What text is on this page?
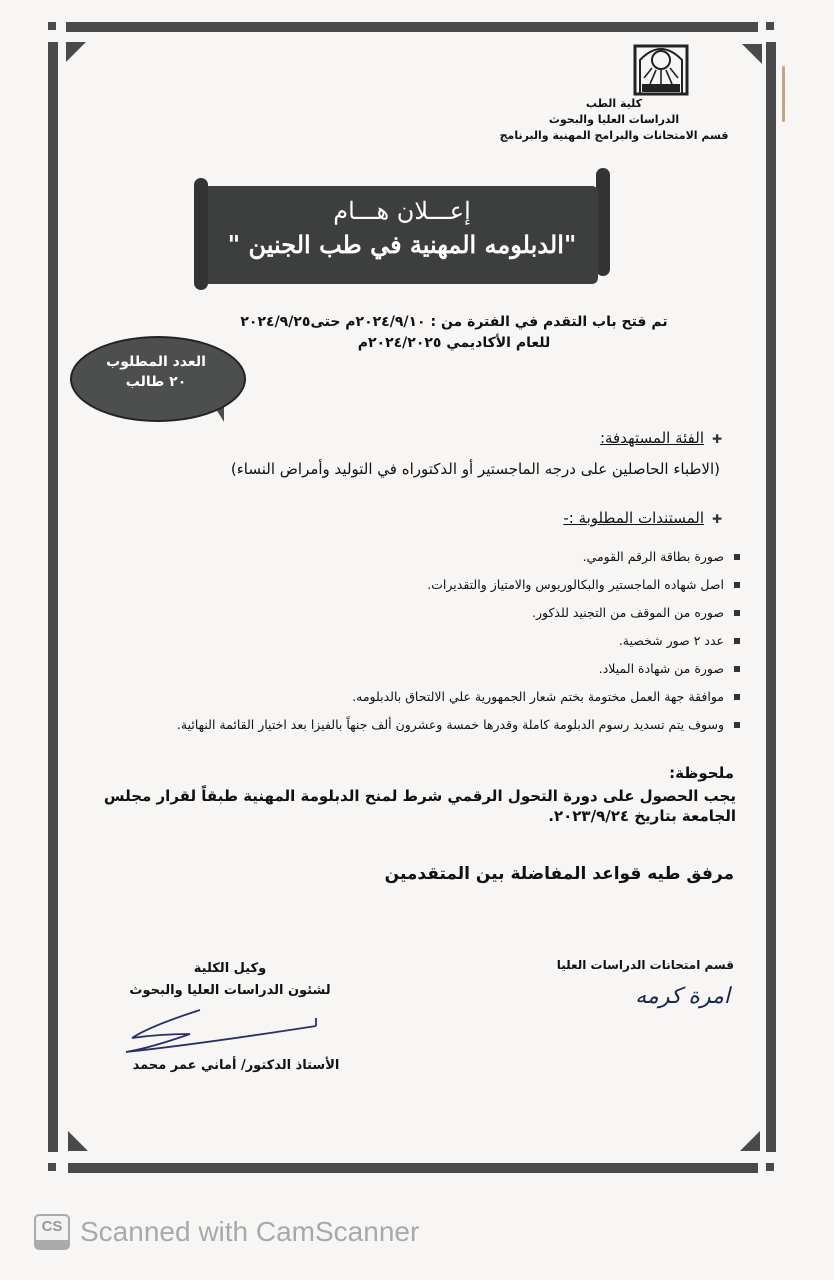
كلية الطب
الدراسات العليا والبحوث
قسم الامتحانات والبرامج المهنية والبرنامج
إعـــلان هـــام
"الدبلومه المهنية في طب الجنين "
تم فتح باب التقدم في الفترة من : ٢٠٢٤/٩/١٠م حتى٢٠٢٤/٩/٢٥
للعام الأكاديمي ٢٠٢٤/٢٠٢٥م
العدد المطلوب
٢٠ طالب
✚الفئة المستهدفة:
(الاطباء الحاصلين على درجه الماجستير أو الدكتوراه في التوليد وأمراض النساء)
✚المستندات المطلوبة :-
صورة بطاقة الرقم القومي.
اصل شهاده الماجستير والبكالوريوس والامتياز والتقديرات.
صوره من الموقف من التجنيد للذكور.
عدد ٢ صور شخصية.
صورة من شهادة الميلاد.
موافقة جهة العمل مختومة بختم شعار الجمهورية علي الالتحاق بالدبلومه.
وسوف يتم تسديد رسوم الدبلومة كاملة وقدرها خمسة وعشرون ألف جنهاً بالفيزا بعد اختيار القائمة النهائية.
ملحوظة:
يجب الحصول على دورة التحول الرقمي شرط لمنح الدبلومة المهنية طبقاً لقرار مجلس الجامعة بتاريخ ٢٠٢٣/٩/٢٤.
مرفق طيه قواعد المفاضلة بين المتقدمين
قسم امتحانات الدراسات العليا
امرة كرمه
وكيل الكلية
لشئون الدراسات العليا والبحوث
الأستاذ الدكتور/ أماني عمر محمد
CS Scanned with CamScanner
